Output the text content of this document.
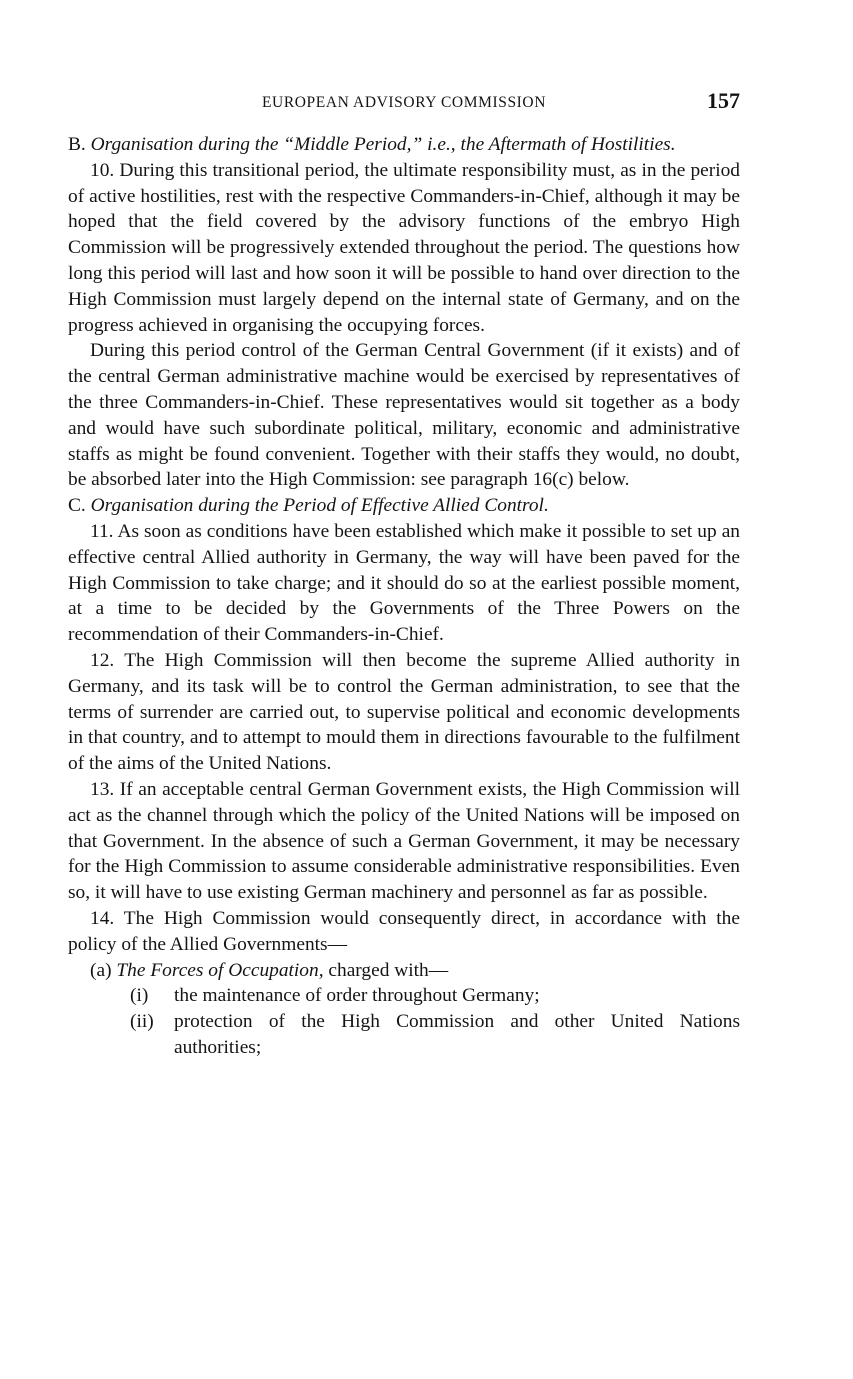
EUROPEAN ADVISORY COMMISSION	157

B. Organisation during the “Middle Period,” i.e., the Aftermath of Hostilities.

10. During this transitional period, the ultimate responsibility must, as in the period of active hostilities, rest with the respective Commanders-in-Chief, although it may be hoped that the field covered by the advisory functions of the embryo High Commission will be progressively extended throughout the period. The questions how long this period will last and how soon it will be possible to hand over direction to the High Commission must largely depend on the internal state of Germany, and on the progress achieved in organising the occupying forces.

During this period control of the German Central Government (if it exists) and of the central German administrative machine would be exercised by representatives of the three Commanders-in-Chief. These representatives would sit together as a body and would have such subordinate political, military, economic and administrative staffs as might be found convenient. Together with their staffs they would, no doubt, be absorbed later into the High Commission: see paragraph 16(c) below.

C. Organisation during the Period of Effective Allied Control.

11. As soon as conditions have been established which make it possible to set up an effective central Allied authority in Germany, the way will have been paved for the High Commission to take charge; and it should do so at the earliest possible moment, at a time to be decided by the Governments of the Three Powers on the recommendation of their Commanders-in-Chief.

12. The High Commission will then become the supreme Allied authority in Germany, and its task will be to control the German administration, to see that the terms of surrender are carried out, to supervise political and economic developments in that country, and to attempt to mould them in directions favourable to the fulfilment of the aims of the United Nations.

13. If an acceptable central German Government exists, the High Commission will act as the channel through which the policy of the United Nations will be imposed on that Government. In the absence of such a German Government, it may be necessary for the High Commission to assume considerable administrative responsibilities. Even so, it will have to use existing German machinery and personnel as far as possible.

14. The High Commission would consequently direct, in accordance with the policy of the Allied Governments—

(a) The Forces of Occupation, charged with—

(i)	the maintenance of order throughout Germany;
(ii)	protection of the High Commission and other United Nations authorities;
